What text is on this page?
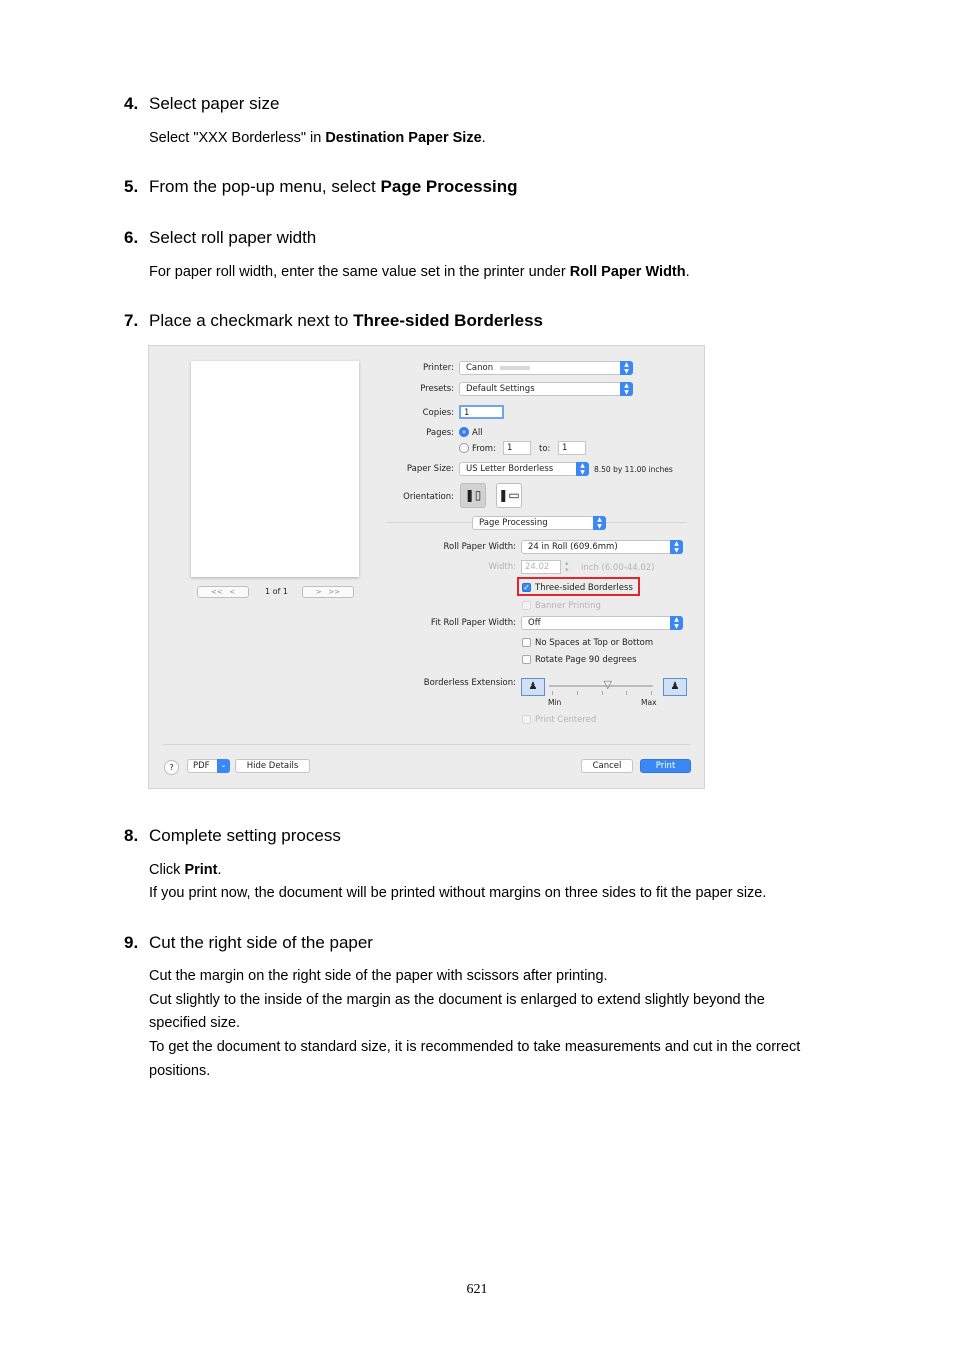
4. Select paper size
Select "XXX Borderless" in Destination Paper Size.
5. From the pop-up menu, select Page Processing
6. Select roll paper width
For paper roll width, enter the same value set in the printer under Roll Paper Width.
7. Place a checkmark next to Three-sided Borderless
<<   <	1 of 1	>   >>
Printer:	Canon	▲
▼
Presets:	Default Settings	▲
▼
Copies:	1
Pages: All
From:	1	to:	1
Paper Size:	US Letter Borderless	▲
▼	8.50 by 11.00 inches
Orientation: ❚▯	❚▭
Page Processing	▲
▼
Roll Paper Width:	24 in Roll (609.6mm)	▲
▼
Width:	24.02	▴
▾ inch (6.00-44.02)
✓ Three-sided Borderless
Banner Printing
Fit Roll Paper Width:	Off	▲
▼
No Spaces at Top or Bottom
Rotate Page 90 degrees
Borderless Extension:	♟	▽	♟
Min	Max
Print Centered
?	PDF	⌄	Hide Details	Cancel	Print
8. Complete setting process
Click Print.
If you print now, the document will be printed without margins on three sides to fit the paper size.
9. Cut the right side of the paper
Cut the margin on the right side of the paper with scissors after printing.
Cut slightly to the inside of the margin as the document is enlarged to extend slightly beyond the
specified size.
To get the document to standard size, it is recommended to take measurements and cut in the correct
positions.
621
